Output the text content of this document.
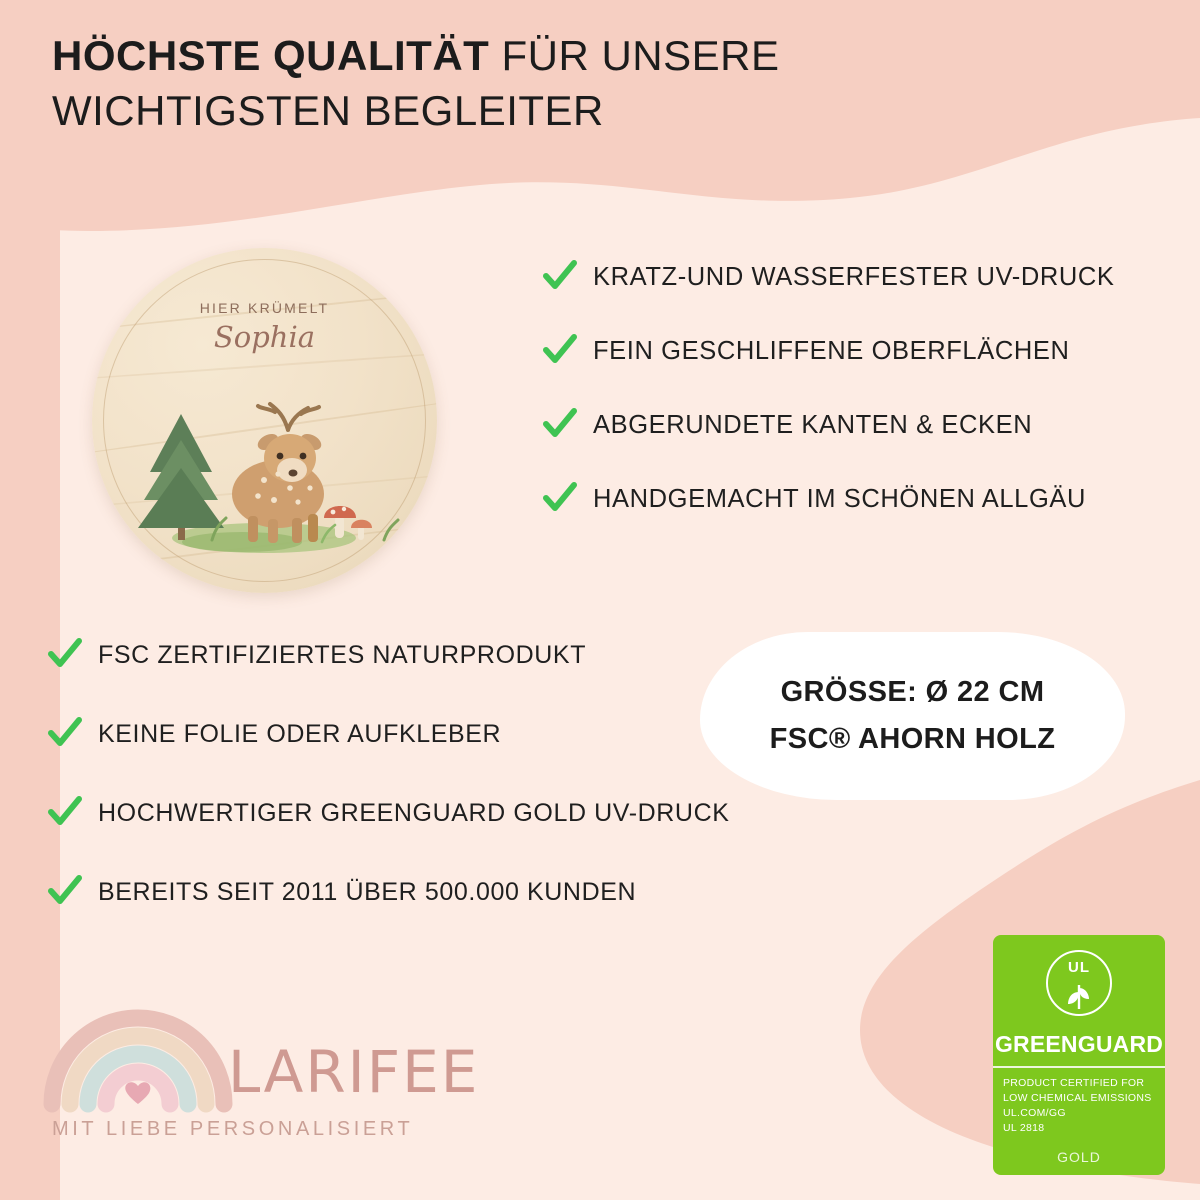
HÖCHSTE QUALITÄT FÜR UNSERE WICHTIGSTEN BEGLEITER
HIER KRÜMELT
Sophia
KRATZ-UND WASSERFESTER UV-DRUCK
FEIN GESCHLIFFENE OBERFLÄCHEN
ABGERUNDETE KANTEN & ECKEN
HANDGEMACHT IM SCHÖNEN ALLGÄU
FSC ZERTIFIZIERTES NATURPRODUKT
KEINE FOLIE ODER AUFKLEBER
HOCHWERTIGER GREENGUARD GOLD UV-DRUCK
BEREITS SEIT 2011 ÜBER 500.000 KUNDEN
GRÖSSE: Ø 22 CM
FSC® AHORN HOLZ
UL
GREENGUARD
PRODUCT CERTIFIED FOR
LOW CHEMICAL EMISSIONS
UL.COM/GG
UL 2818
GOLD
LARIFEE
MIT LIEBE PERSONALISIERT
